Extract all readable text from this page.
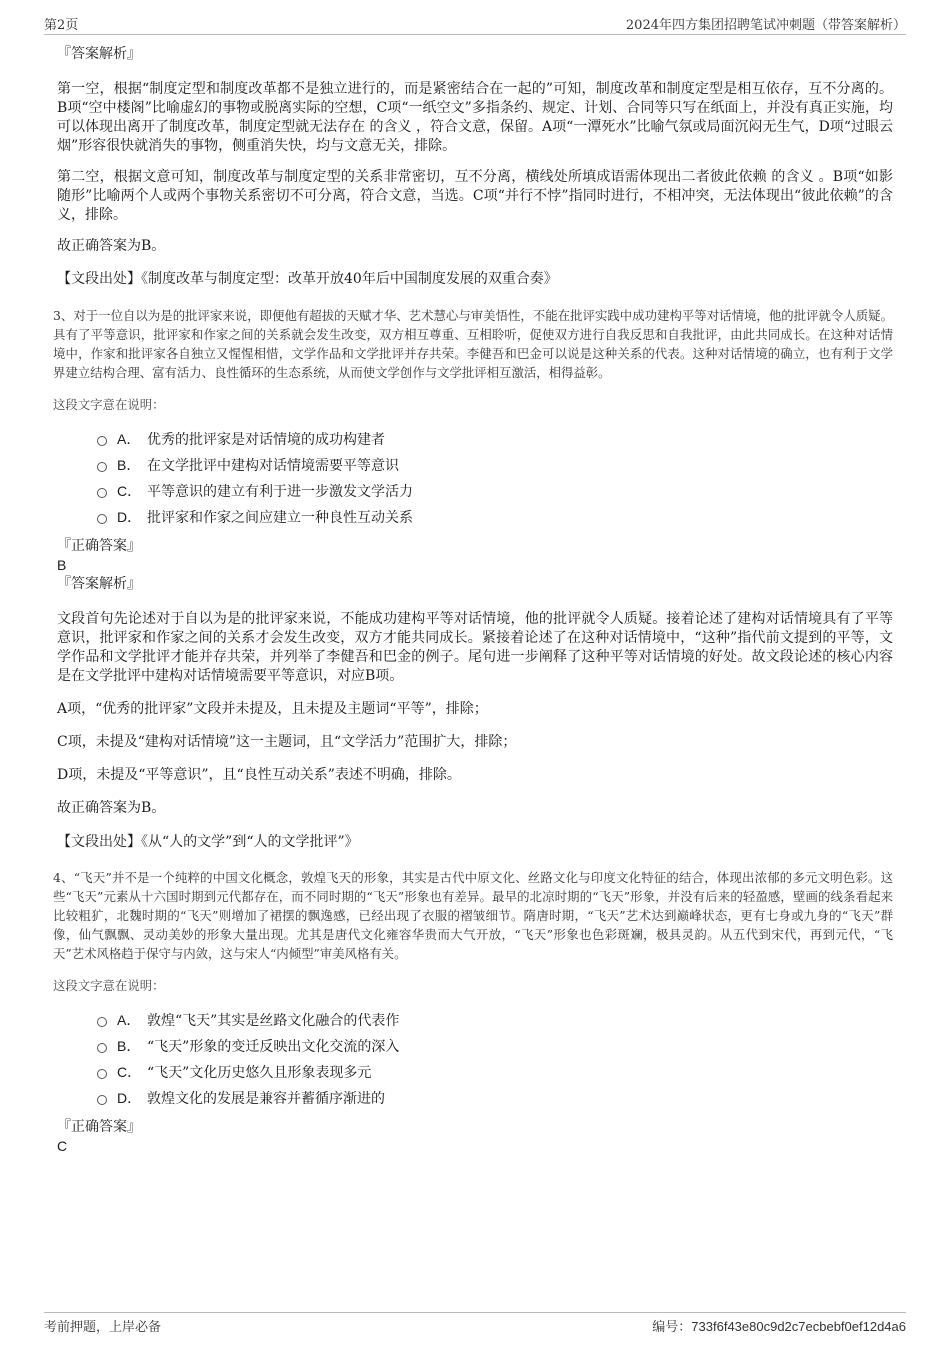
第2页	2024年四方集团招聘笔试冲刺题（带答案解析）

『答案解析』

第一空，根据“制度定型和制度改革都不是独立进行的，而是紧密结合在一起的”可知，制度改革和制度定型是相互依存，互不分离的。B项“空中楼阁”比喻虚幻的事物或脱离实际的空想，C项“一纸空文”多指条约、规定、计划、合同等只写在纸面上，并没有真正实施，均可以体现出离开了制度改革，制度定型就无法存在 的含义 ，符合文意，保留。A项“一潭死水”比喻气氛或局面沉闷无生气，D项“过眼云烟”形容很快就消失的事物，侧重消失快，均与文意无关，排除。

第二空，根据文意可知，制度改革与制度定型的关系非常密切，互不分离，横线处所填成语需体现出二者彼此依赖 的含义 。B项“如影随形”比喻两个人或两个事物关系密切不可分离，符合文意，当选。C项“并行不悖”指同时进行，不相冲突，无法体现出“彼此依赖”的含义，排除。

故正确答案为B。

【文段出处】《制度改革与制度定型：改革开放40年后中国制度发展的双重合奏》

3、对于一位自以为是的批评家来说，即便他有超拔的天赋才华、艺术慧心与审美悟性，不能在批评实践中成功建构平等对话情境，他的批评就令人质疑。具有了平等意识，批评家和作家之间的关系就会发生改变，双方相互尊重、互相聆听，促使双方进行自我反思和自我批评，由此共同成长。在这种对话情境中，作家和批评家各自独立又惺惺相惜，文学作品和文学批评并存共荣。李健吾和巴金可以说是这种关系的代表。这种对话情境的确立，也有利于文学界建立结构合理、富有活力、良性循环的生态系统，从而使文学创作与文学批评相互激活，相得益彰。

这段文字意在说明：

A． 优秀的批评家是对话情境的成功构建者
B． 在文学批评中建构对话情境需要平等意识
C． 平等意识的建立有利于进一步激发文学活力
D． 批评家和作家之间应建立一种良性互动关系

『正确答案』

B

『答案解析』

文段首句先论述对于自以为是的批评家来说，不能成功建构平等对话情境，他的批评就令人质疑。接着论述了建构对话情境具有了平等意识，批评家和作家之间的关系才会发生改变，双方才能共同成长。紧接着论述了在这种对话情境中，“这种”指代前文提到的平等，文学作品和文学批评才能并存共荣，并列举了李健吾和巴金的例子。尾句进一步阐释了这种平等对话情境的好处。故文段论述的核心内容是在文学批评中建构对话情境需要平等意识，对应B项。

A项，“优秀的批评家”文段并未提及，且未提及主题词“平等”，排除；

C项，未提及“建构对话情境”这一主题词，且“文学活力”范围扩大，排除；

D项，未提及“平等意识”，且“良性互动关系”表述不明确，排除。

故正确答案为B。

【文段出处】《从“人的文学”到“人的文学批评”》

4、“飞天”并不是一个纯粹的中国文化概念，敦煌飞天的形象，其实是古代中原文化、丝路文化与印度文化特征的结合，体现出浓郁的多元文明色彩。这些“飞天”元素从十六国时期到元代都存在，而不同时期的“飞天”形象也有差异。最早的北凉时期的“飞天”形象，并没有后来的轻盈感，壁画的线条看起来比较粗犷，北魏时期的“飞天”则增加了裙摆的飘逸感，已经出现了衣服的褶皱细节。隋唐时期，“飞天”艺术达到巅峰状态，更有七身或九身的“飞天”群像，仙气飘飘、灵动美妙的形象大量出现。尤其是唐代文化雍容华贵而大气开放，“飞天”形象也色彩斑斓，极具灵韵。从五代到宋代，再到元代，“飞天”艺术风格趋于保守与内敛，这与宋人“内倾型”审美风格有关。

这段文字意在说明：

A． 敦煌“飞天”其实是丝路文化融合的代表作
B． “飞天”形象的变迁反映出文化交流的深入
C． “飞天”文化历史悠久且形象表现多元
D． 敦煌文化的发展是兼容并蓄循序渐进的

『正确答案』

C

考前押题，上岸必备	编号：733f6f43e80c9d2c7ecbebf0ef12d4a6
